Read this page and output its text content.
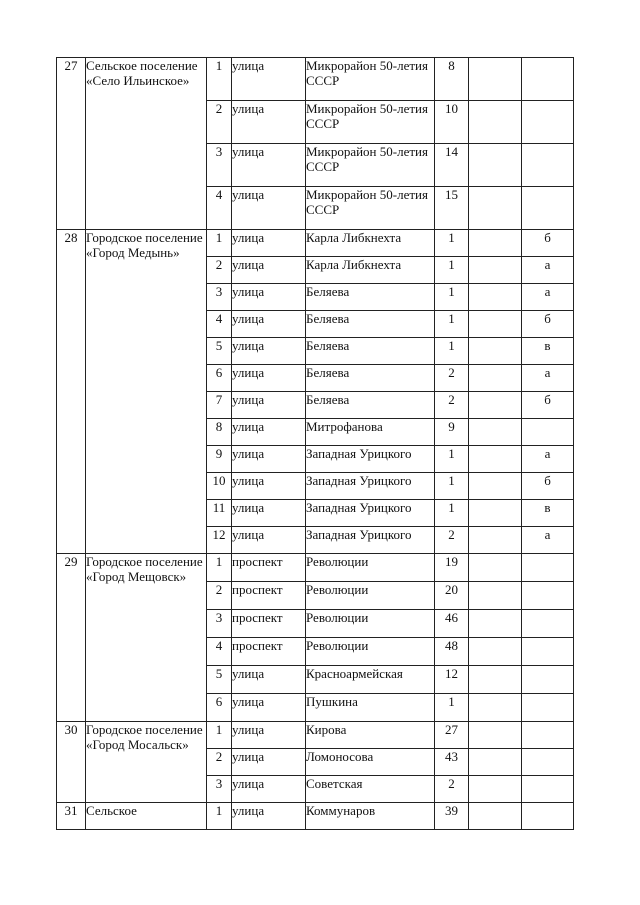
27	Сельское поселение «Село Ильинское»	1	улица	Микрорайон 50-летия СССР	8		
		2	улица	Микрорайон 50-летия СССР	10		
		3	улица	Микрорайон 50-летия СССР	14		
		4	улица	Микрорайон 50-летия СССР	15		
28	Городское поселение «Город Медынь»	1	улица	Карла Либкнехта	1		б
		2	улица	Карла Либкнехта	1		а
		3	улица	Беляева	1		а
		4	улица	Беляева	1		б
		5	улица	Беляева	1		в
		6	улица	Беляева	2		а
		7	улица	Беляева	2		б
		8	улица	Митрофанова	9		
		9	улица	Западная Урицкого	1		а
		10	улица	Западная Урицкого	1		б
		11	улица	Западная Урицкого	1		в
		12	улица	Западная Урицкого	2		а
29	Городское поселение «Город Мещовск»	1	проспект	Революции	19		
		2	проспект	Революции	20		
		3	проспект	Революции	46		
		4	проспект	Революции	48		
		5	улица	Красноармейская	12		
		6	улица	Пушкина	1		
30	Городское поселение «Город Мосальск»	1	улица	Кирова	27		
		2	улица	Ломоносова	43		
		3	улица	Советская	2		
31	Сельское	1	улица	Коммунаров	39		
